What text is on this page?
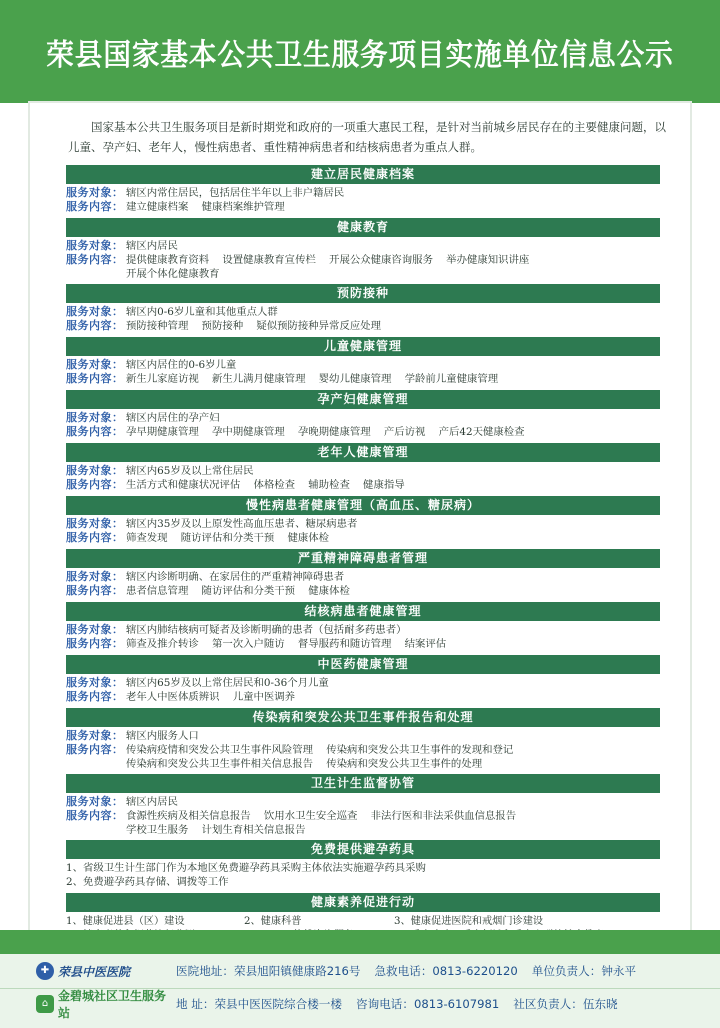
荣县国家基本公共卫生服务项目实施单位信息公示

国家基本公共卫生服务项目是新时期党和政府的一项重大惠民工程，是针对当前城乡居民存在的主要健康问题，以儿童、孕产妇、老年人，慢性病患者、重性精神病患者和结核病患者为重点人群。

建立居民健康档案
服务对象： 辖区内常住居民，包括居住半年以上非户籍居民
服务内容： 建立健康档案    健康档案维护管理
健康教育
服务对象： 辖区内居民
服务内容： 提供健康教育资料    设置健康教育宣传栏    开展公众健康咨询服务    举办健康知识讲座
开展个体化健康教育
预防接种
服务对象： 辖区内0-6岁儿童和其他重点人群
服务内容： 预防接种管理    预防接种    疑似预防接种异常反应处理
儿童健康管理
服务对象： 辖区内居住的0-6岁儿童
服务内容： 新生儿家庭访视    新生儿满月健康管理    婴幼儿健康管理    学龄前儿童健康管理
孕产妇健康管理
服务对象： 辖区内居住的孕产妇
服务内容： 孕早期健康管理    孕中期健康管理    孕晚期健康管理    产后访视    产后42天健康检查
老年人健康管理
服务对象： 辖区内65岁及以上常住居民
服务内容： 生活方式和健康状况评估    体格检查    辅助检查    健康指导
慢性病患者健康管理（高血压、糖尿病）
服务对象： 辖区内35岁及以上原发性高血压患者、糖尿病患者
服务内容： 筛查发现    随访评估和分类干预    健康体检
严重精神障碍患者管理
服务对象： 辖区内诊断明确、在家居住的严重精神障碍患者
服务内容： 患者信息管理    随访评估和分类干预    健康体检
结核病患者健康管理
服务对象： 辖区内肺结核病可疑者及诊断明确的患者（包括耐多药患者）
服务内容： 筛查及推介转诊    第一次入户随访    督导服药和随访管理    结案评估
中医药健康管理
服务对象： 辖区内65岁及以上常住居民和0-36个月儿童
服务内容： 老年人中医体质辨识    儿童中医调养
传染病和突发公共卫生事件报告和处理
服务对象： 辖区内服务人口
服务内容： 传染病疫情和突发公共卫生事件风险管理    传染病和突发公共卫生事件的发现和登记
传染病和突发公共卫生事件相关信息报告    传染病和突发公共卫生事件的处理
卫生计生监督协管
服务对象： 辖区内居民
服务内容： 食源性疾病及相关信息报告    饮用水卫生安全巡查    非法行医和非法采供血信息报告
学校卫生服务    计划生育相关信息报告
免费提供避孕药具
1、省级卫生计生部门作为本地区免费避孕药具采购主体依法实施避孕药具采购
2、免费避孕药具存储、调拨等工作
健康素养促进行动
1、健康促进县（区）建设	2、健康科普	3、健康促进医院和戒烟门诊建设
✚ 荣县中医医院	医院地址：荣县旭阳镇健康路216号 急救电话：0813-6220120 单位负责人：钟永平
⌂
金碧城社区卫生服务站
地 址：荣县中医医院综合楼一楼 咨询电话：0813-6107981 社区负责人：伍东晓
